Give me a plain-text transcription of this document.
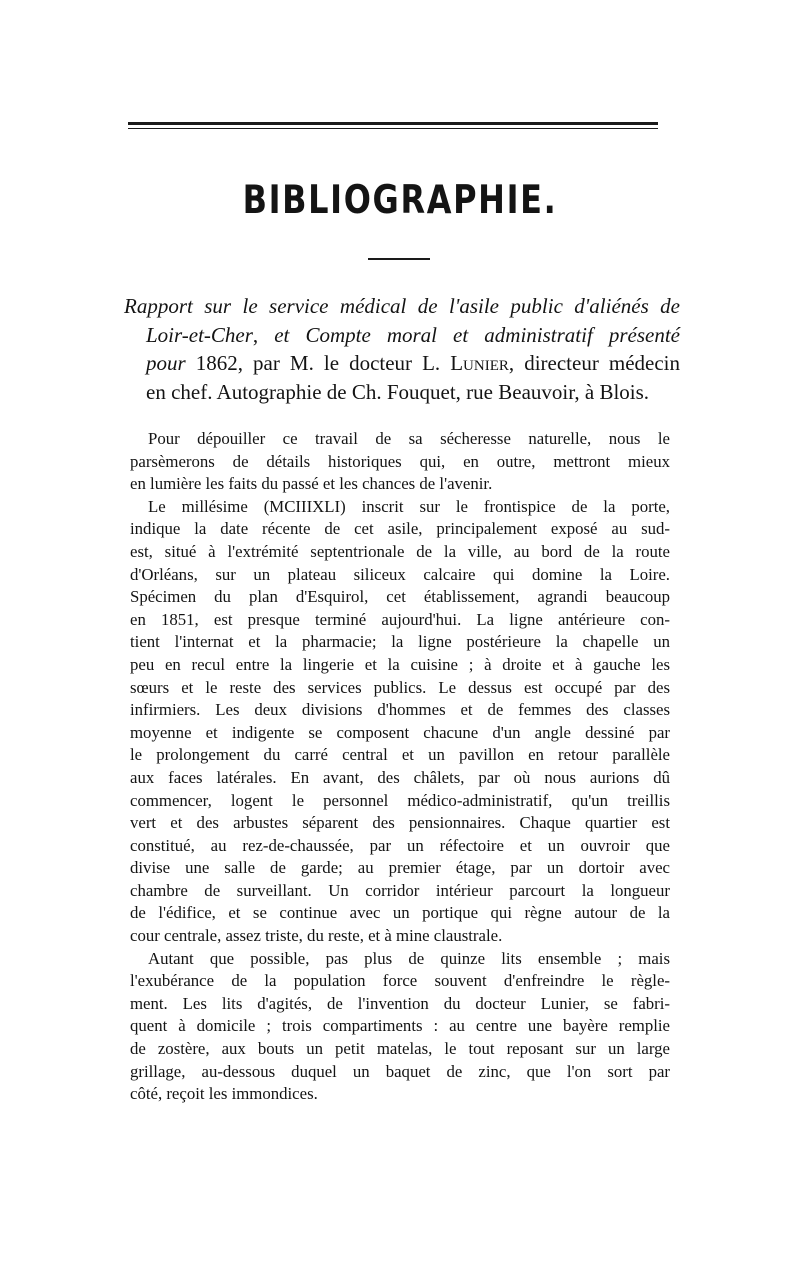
BIBLIOGRAPHIE.
Rapport sur le service médical de l'asile public d'aliénés de
Loir-et-Cher, et Compte moral et administratif présenté
pour 1862, par M. le docteur L. Lunier, directeur médecin
en chef. Autographie de Ch. Fouquet, rue Beauvoir, à Blois.
Pour dépouiller ce travail de sa sécheresse naturelle, nous le
parsèmerons de détails historiques qui, en outre, mettront mieux
en lumière les faits du passé et les chances de l'avenir.
Le millésime (MCIIIXLI) inscrit sur le frontispice de la porte,
indique la date récente de cet asile, principalement exposé au sud-
est, situé à l'extrémité septentrionale de la ville, au bord de la route
d'Orléans, sur un plateau siliceux calcaire qui domine la Loire.
Spécimen du plan d'Esquirol, cet établissement, agrandi beaucoup
en 1851, est presque terminé aujourd'hui. La ligne antérieure con-
tient l'internat et la pharmacie; la ligne postérieure la chapelle un
peu en recul entre la lingerie et la cuisine ; à droite et à gauche les
sœurs et le reste des services publics. Le dessus est occupé par des
infirmiers. Les deux divisions d'hommes et de femmes des classes
moyenne et indigente se composent chacune d'un angle dessiné par
le prolongement du carré central et un pavillon en retour parallèle
aux faces latérales. En avant, des châlets, par où nous aurions dû
commencer, logent le personnel médico-administratif, qu'un treillis
vert et des arbustes séparent des pensionnaires. Chaque quartier est
constitué, au rez-de-chaussée, par un réfectoire et un ouvroir que
divise une salle de garde; au premier étage, par un dortoir avec
chambre de surveillant. Un corridor intérieur parcourt la longueur
de l'édifice, et se continue avec un portique qui règne autour de la
cour centrale, assez triste, du reste, et à mine claustrale.
Autant que possible, pas plus de quinze lits ensemble ; mais
l'exubérance de la population force souvent d'enfreindre le règle-
ment. Les lits d'agités, de l'invention du docteur Lunier, se fabri-
quent à domicile ; trois compartiments : au centre une bayère remplie
de zostère, aux bouts un petit matelas, le tout reposant sur un large
grillage, au-dessous duquel un baquet de zinc, que l'on sort par
côté, reçoit les immondices.
